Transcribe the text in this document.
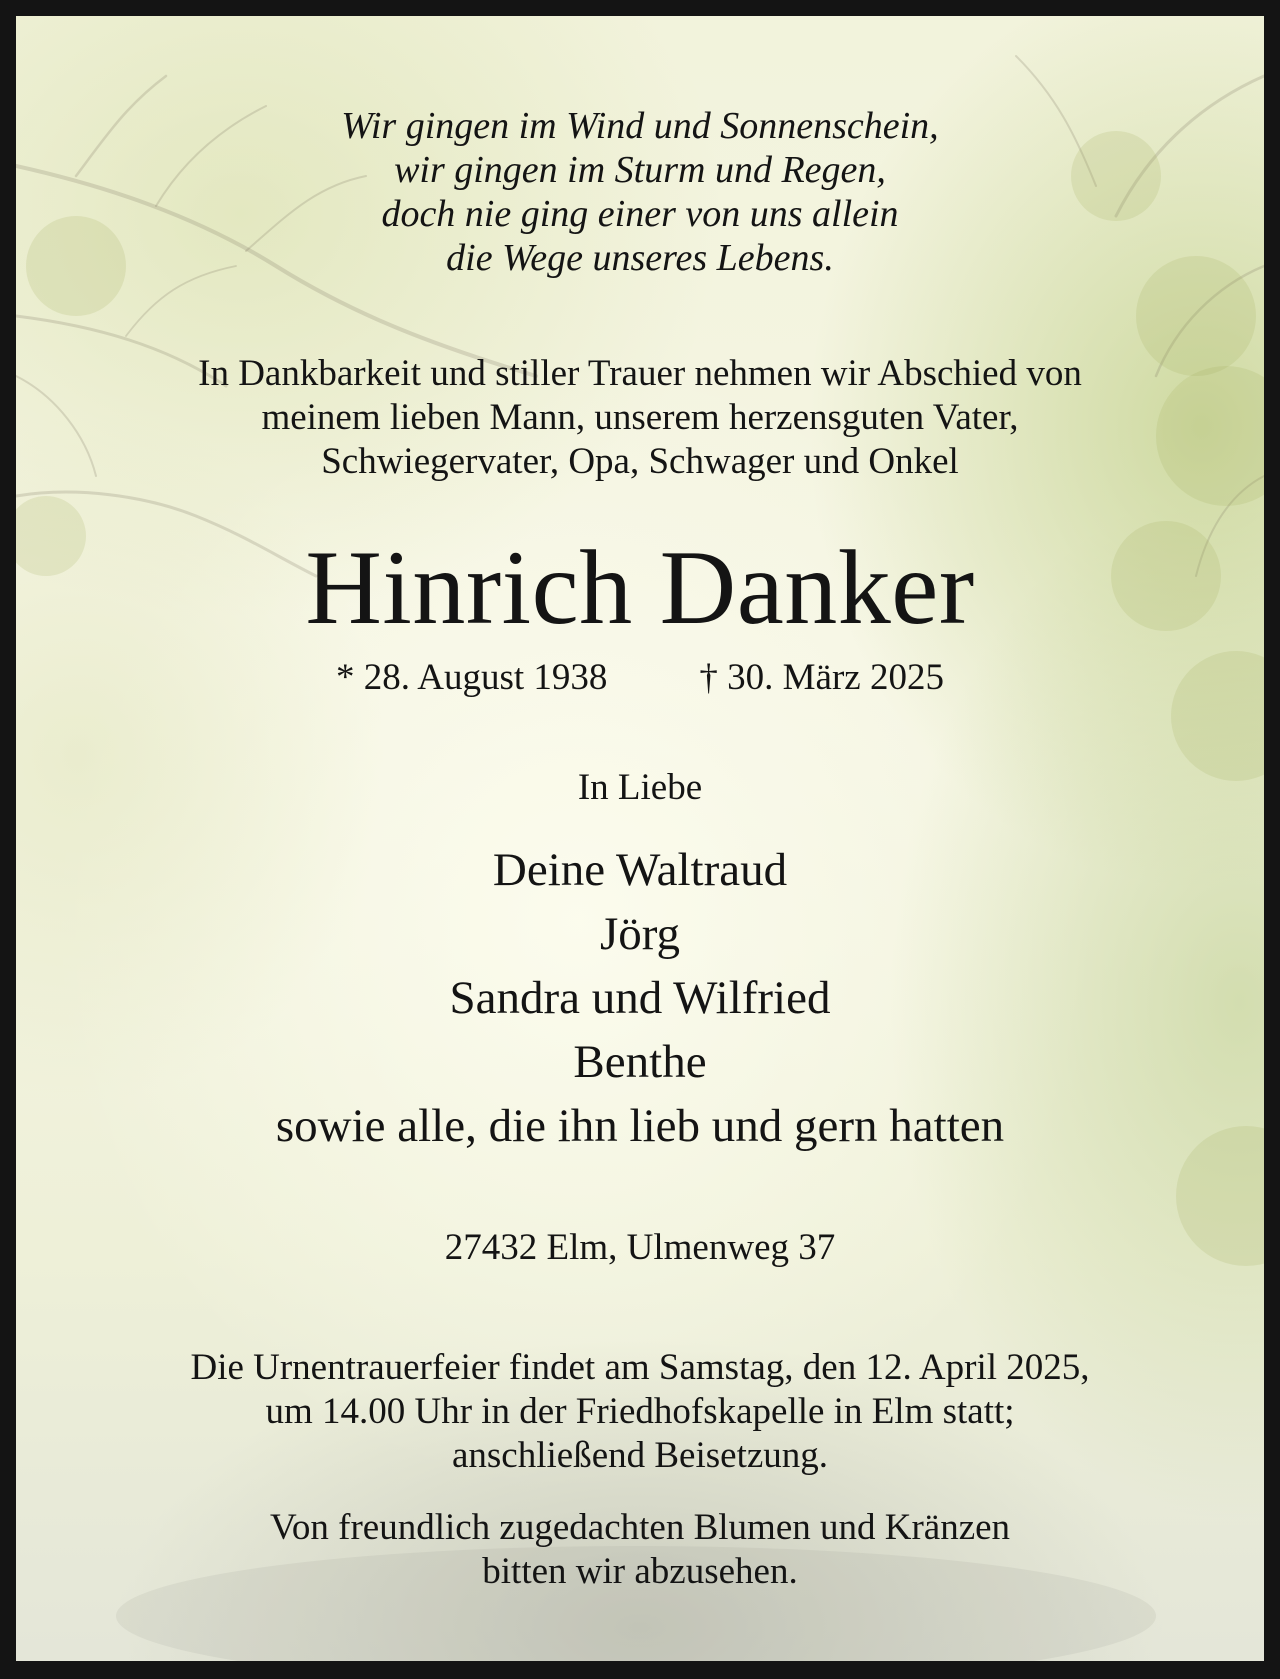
Wir gingen im Wind und Sonnenschein,
wir gingen im Sturm und Regen,
doch nie ging einer von uns allein
die Wege unseres Lebens.
In Dankbarkeit und stiller Trauer nehmen wir Abschied von
meinem lieben Mann, unserem herzensguten Vater,
Schwiegervater, Opa, Schwager und Onkel
Hinrich Danker
* 28. August 1938 † 30. März 2025
In Liebe
Deine Waltraud
Jörg
Sandra und Wilfried
Benthe
sowie alle, die ihn lieb und gern hatten
27432 Elm, Ulmenweg 37
Die Urnentrauerfeier findet am Samstag, den 12. April 2025,
um 14.00 Uhr in der Friedhofskapelle in Elm statt;
anschließend Beisetzung.
Von freundlich zugedachten Blumen und Kränzen
bitten wir abzusehen.
